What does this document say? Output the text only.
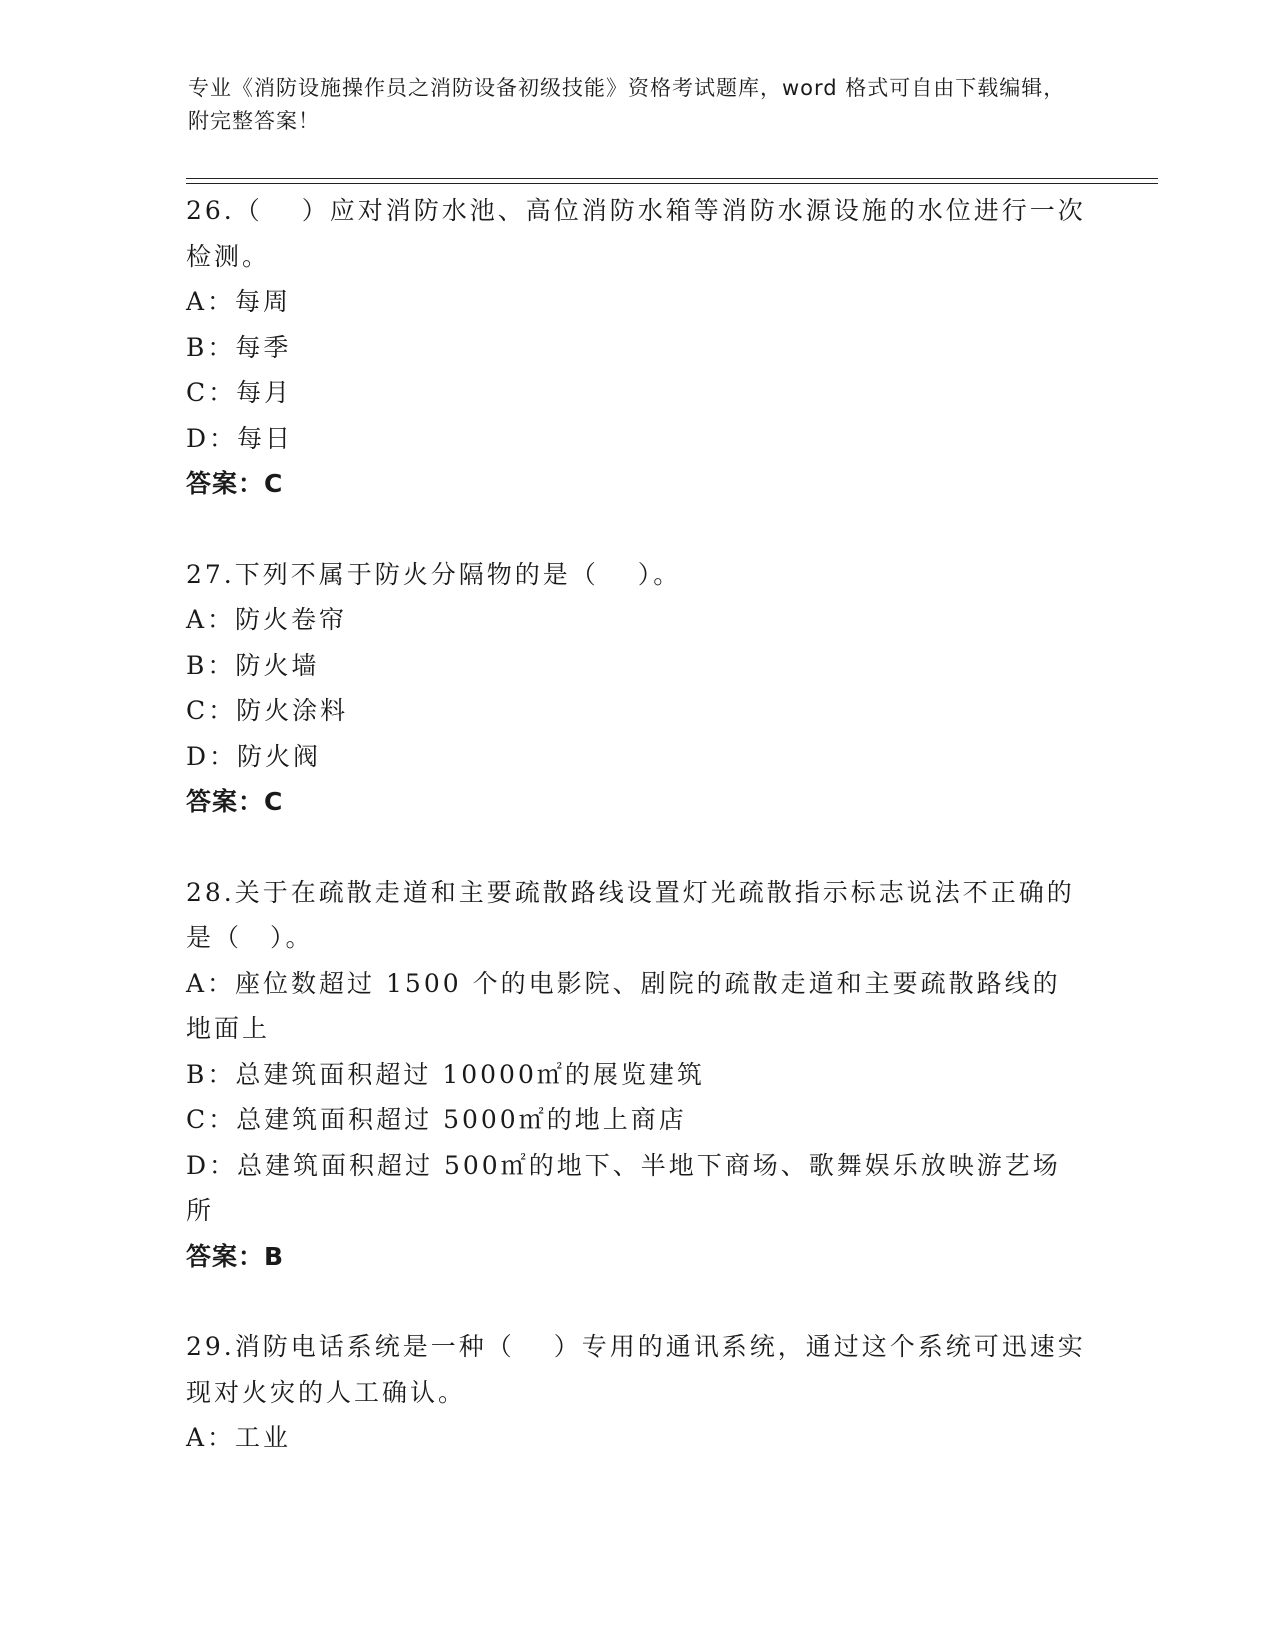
专业《消防设施操作员之消防设备初级技能》资格考试题库，word 格式可自由下载编辑，附完整答案！

26.（　 ）应对消防水池、高位消防水箱等消防水源设施的水位进行一次检测。

A：每周

B：每季

C：每月

D：每日

答案：C

27.下列不属于防火分隔物的是（　 ）。

A：防火卷帘

B：防火墙

C：防火涂料

D：防火阀

答案：C

28.关于在疏散走道和主要疏散路线设置灯光疏散指示标志说法不正确的是（　）。

A：座位数超过 1500 个的电影院、剧院的疏散走道和主要疏散路线的地面上

B：总建筑面积超过 10000㎡的展览建筑

C：总建筑面积超过 5000㎡的地上商店

D：总建筑面积超过 500㎡的地下、半地下商场、歌舞娱乐放映游艺场所

答案：B

29.消防电话系统是一种（　 ）专用的通讯系统，通过这个系统可迅速实现对火灾的人工确认。

A：工业
